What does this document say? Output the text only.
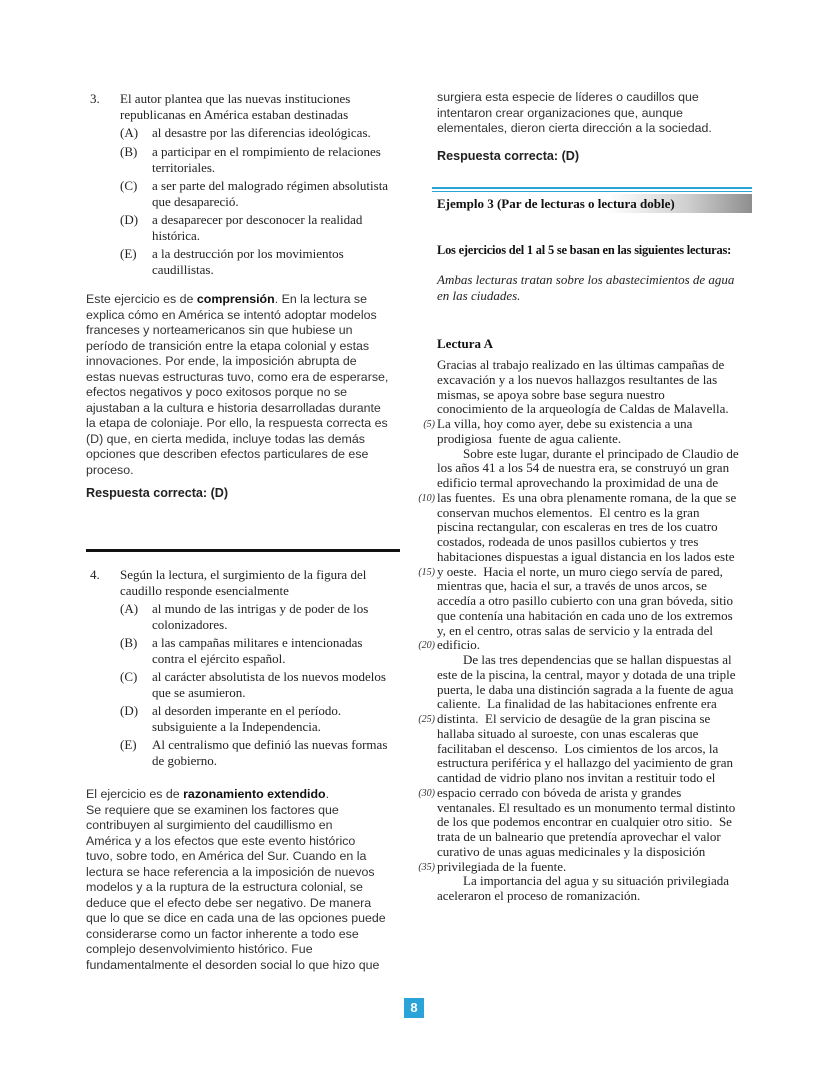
3. El autor plantea que las nuevas instituciones
republicanas en América estaban destinadas
(A)	al desastre por las diferencias ideológicas.
(B)	a participar en el rompimiento de relaciones
territoriales.
(C)	a ser parte del malogrado régimen absolutista
que desapareció.
(D)	a desaparecer por desconocer la realidad
histórica.
(E)	a la destrucción por los movimientos
caudillistas.
Este ejercicio es de comprensión. En la lectura se
explica cómo en América se intentó adoptar modelos
franceses y norteamericanos sin que hubiese un
período de transición entre la etapa colonial y estas
innovaciones. Por ende, la imposición abrupta de
estas nuevas estructuras tuvo, como era de esperarse,
efectos negativos y poco exitosos porque no se
ajustaban a la cultura e historia desarrolladas durante
la etapa de coloniaje. Por ello, la respuesta correcta es
(D) que, en cierta medida, incluye todas las demás
opciones que describen efectos particulares de ese
proceso.
Respuesta correcta: (D)
4. Según la lectura, el surgimiento de la figura del
caudillo responde esencialmente
(A)	al mundo de las intrigas y de poder de los
colonizadores.
(B)	a las campañas militares e intencionadas
contra el ejército español.
(C)	al carácter absolutista de los nuevos modelos
que se asumieron.
(D)	al desorden imperante en el período.
subsiguiente a la Independencia.
(E)	Al centralismo que definió las nuevas formas
de gobierno.
El ejercicio es de razonamiento extendido.
Se requiere que se examinen los factores que
contribuyen al surgimiento del caudillismo en
América y a los efectos que este evento histórico
tuvo, sobre todo, en América del Sur. Cuando en la
lectura se hace referencia a la imposición de nuevos
modelos y a la ruptura de la estructura colonial, se
deduce que el efecto debe ser negativo. De manera
que lo que se dice en cada una de las opciones puede
considerarse como un factor inherente a todo ese
complejo desenvolvimiento histórico. Fue
fundamentalmente el desorden social lo que hizo que
surgiera esta especie de líderes o caudillos que
intentaron crear organizaciones que, aunque
elementales, dieron cierta dirección a la sociedad.
Respuesta correcta: (D)
Ejemplo 3 (Par de lecturas o lectura doble)
Los ejercicios del 1 al 5 se basan en las siguientes lecturas:
Ambas lecturas tratan sobre los abastecimientos de agua
en las ciudades.
Lectura A
Gracias al trabajo realizado en las últimas campañas de
excavación y a los nuevos hallazgos resultantes de las
mismas, se apoya sobre base segura nuestro
conocimiento de la arqueología de Caldas de Malavella.
(5) La villa, hoy como ayer, debe su existencia a una
prodigiosa  fuente de agua caliente.
Sobre este lugar, durante el principado de Claudio de
los años 41 a los 54 de nuestra era, se construyó un gran
edificio termal aprovechando la proximidad de una de
(10) las fuentes.  Es una obra plenamente romana, de la que se
conservan muchos elementos.  El centro es la gran
piscina rectangular, con escaleras en tres de los cuatro
costados, rodeada de unos pasillos cubiertos y tres
habitaciones dispuestas a igual distancia en los lados este
(15) y oeste.  Hacia el norte, un muro ciego servía de pared,
mientras que, hacia el sur, a través de unos arcos, se
accedía a otro pasillo cubierto con una gran bóveda, sitio
que contenía una habitación en cada uno de los extremos
y, en el centro, otras salas de servicio y la entrada del
(20) edificio.
De las tres dependencias que se hallan dispuestas al
este de la piscina, la central, mayor y dotada de una triple
puerta, le daba una distinción sagrada a la fuente de agua
caliente.  La finalidad de las habitaciones enfrente era
(25) distinta.  El servicio de desagüe de la gran piscina se
hallaba situado al suroeste, con unas escaleras que
facilitaban el descenso.  Los cimientos de los arcos, la
estructura periférica y el hallazgo del yacimiento de gran
cantidad de vidrio plano nos invitan a restituir todo el
(30) espacio cerrado con bóveda de arista y grandes
ventanales. El resultado es un monumento termal distinto
de los que podemos encontrar en cualquier otro sitio.  Se
trata de un balneario que pretendía aprovechar el valor
curativo de unas aguas medicinales y la disposición
(35) privilegiada de la fuente.
La importancia del agua y su situación privilegiada
aceleraron el proceso de romanización.
8
